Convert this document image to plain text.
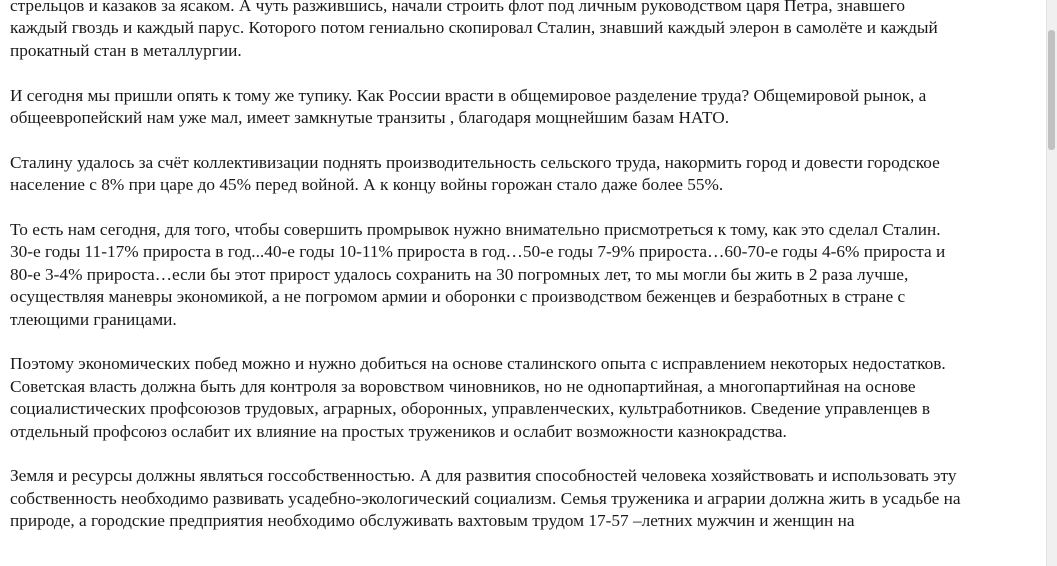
стрельцов и казаков за ясаком. А чуть разжившись, начали строить флот под личным руководством царя Петра, знавшего
каждый гвоздь и каждый парус. Которого потом гениально скопировал Сталин, знавший каждый элерон в самолёте и каждый
прокатный стан в металлургии.

И сегодня мы пришли опять к тому же тупику. Как России врасти в общемировое разделение труда? Общемировой рынок, а
общеевропейский нам уже мал, имеет замкнутые транзиты , благодаря мощнейшим базам НАТО.

Сталину удалось за счёт коллективизации поднять производительность сельского труда, накормить город и довести городское
население с 8% при царе до 45% перед войной. А к концу войны горожан стало даже более 55%.

То есть нам сегодня, для того, чтобы совершить промрывок нужно внимательно присмотреться к тому, как это сделал Сталин.
30-е годы 11-17% прироста в год...40-е годы 10-11% прироста в год…50-е годы 7-9% прироста…60-70-е годы 4-6% прироста и
80-е 3-4% прироста…если бы этот прирост удалось сохранить на 30 погромных лет, то мы могли бы жить в 2 раза лучше,
осуществляя маневры экономикой, а не погромом армии и оборонки с производством беженцев и безработных в стране с
тлеющими границами.

Поэтому экономических побед можно и нужно добиться на основе сталинского опыта с исправлением некоторых недостатков.
Советская власть должна быть для контроля за воровством чиновников, но не однопартийная, а многопартийная на основе
социалистических профсоюзов трудовых, аграрных, оборонных, управленческих, культработников. Сведение управленцев в
отдельный профсоюз ослабит их влияние на простых тружеников и ослабит возможности казнокрадства.

Земля и ресурсы должны являться госсобственностью. А для развития способностей человека хозяйствовать и использовать эту
собственность необходимо развивать усадебно-экологический социализм. Семья труженика и аграрии должна жить в усадьбе на
природе, а городские предприятия необходимо обслуживать вахтовым трудом 17-57 –летних мужчин и женщин на
